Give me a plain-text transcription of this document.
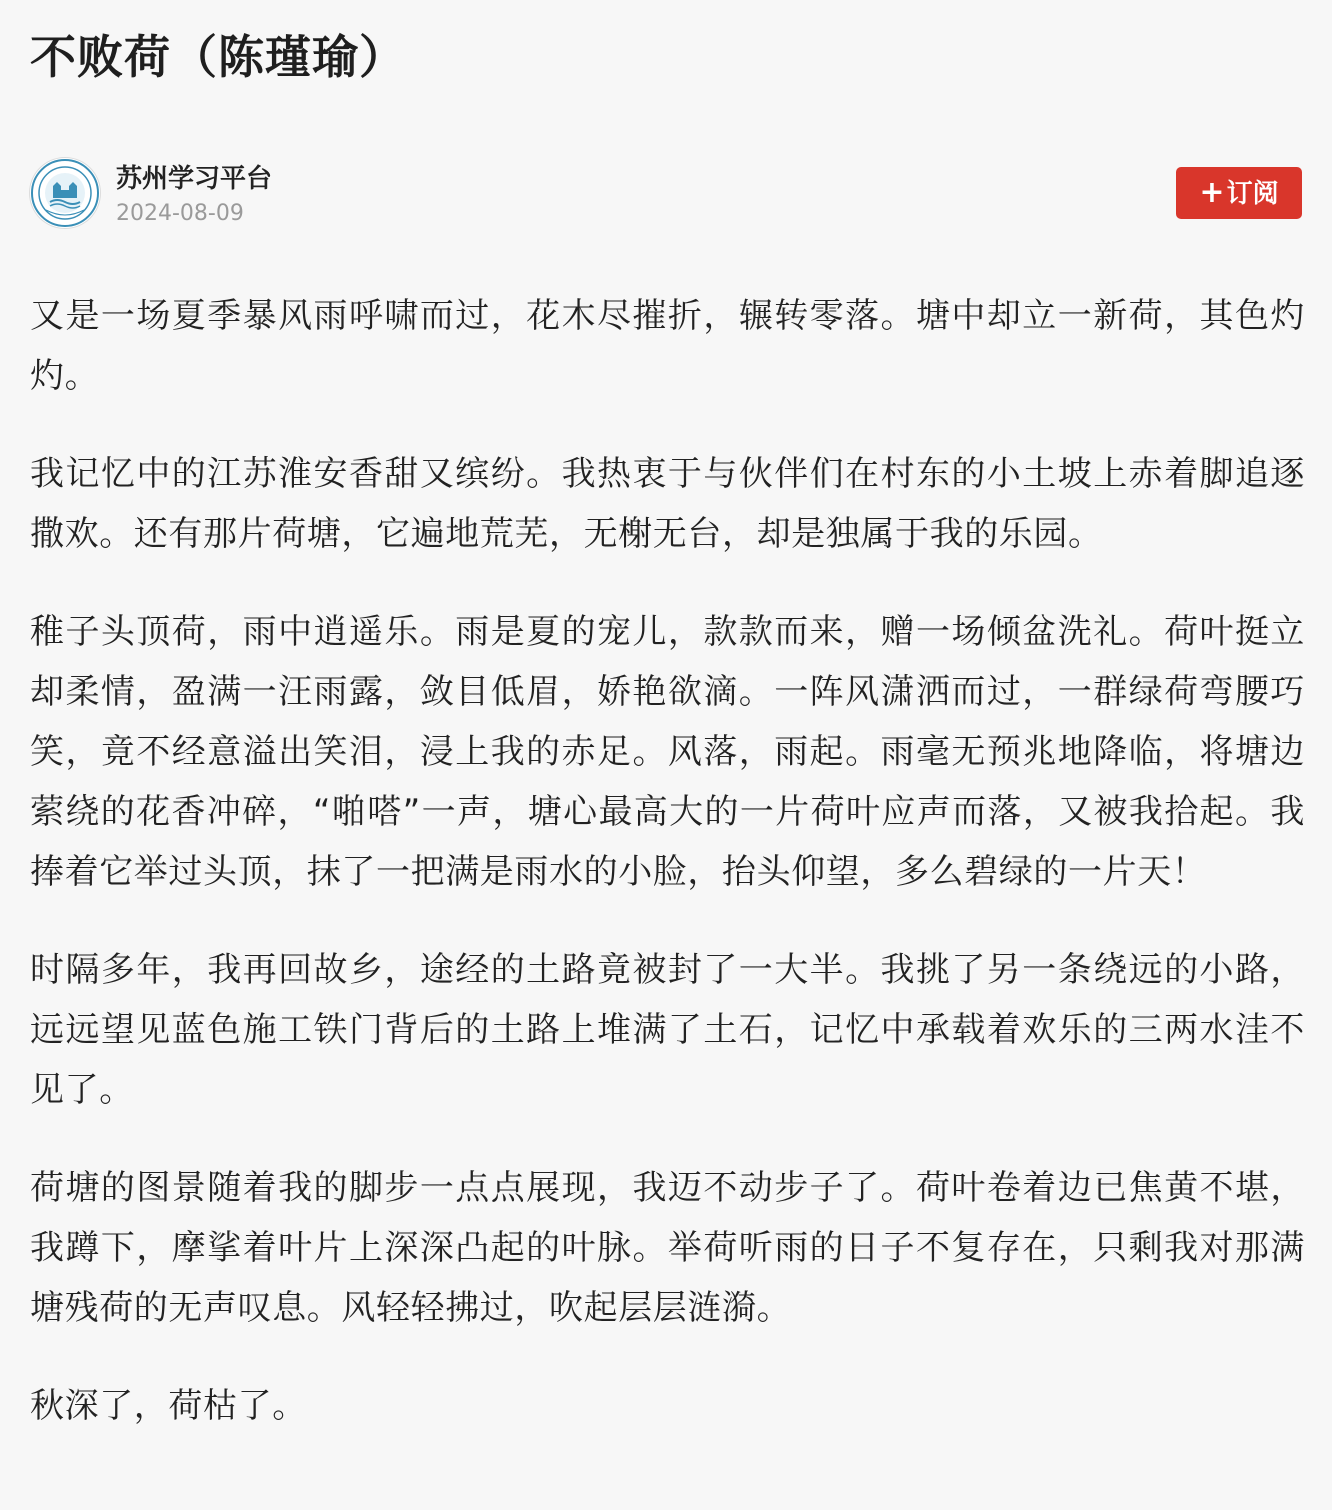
不败荷（陈瑾瑜）
苏州学习平台
2024-08-09
+订阅

又是一场夏季暴风雨呼啸而过，花木尽摧折，辗转零落。塘中却立一新荷，其色灼灼。

我记忆中的江苏淮安香甜又缤纷。我热衷于与伙伴们在村东的小土坡上赤着脚追逐撒欢。还有那片荷塘，它遍地荒芜，无榭无台，却是独属于我的乐园。

稚子头顶荷，雨中逍遥乐。雨是夏的宠儿，款款而来，赠一场倾盆洗礼。荷叶挺立却柔情，盈满一汪雨露，敛目低眉，娇艳欲滴。一阵风潇洒而过，一群绿荷弯腰巧笑，竟不经意溢出笑泪，浸上我的赤足。风落，雨起。雨毫无预兆地降临，将塘边萦绕的花香冲碎，“啪嗒”一声，塘心最高大的一片荷叶应声而落，又被我拾起。我捧着它举过头顶，抹了一把满是雨水的小脸，抬头仰望，多么碧绿的一片天！

时隔多年，我再回故乡，途经的土路竟被封了一大半。我挑了另一条绕远的小路，远远望见蓝色施工铁门背后的土路上堆满了土石，记忆中承载着欢乐的三两水洼不见了。

荷塘的图景随着我的脚步一点点展现，我迈不动步子了。荷叶卷着边已焦黄不堪，我蹲下，摩挲着叶片上深深凸起的叶脉。举荷听雨的日子不复存在，只剩我对那满塘残荷的无声叹息。风轻轻拂过，吹起层层涟漪。

秋深了，荷枯了。
